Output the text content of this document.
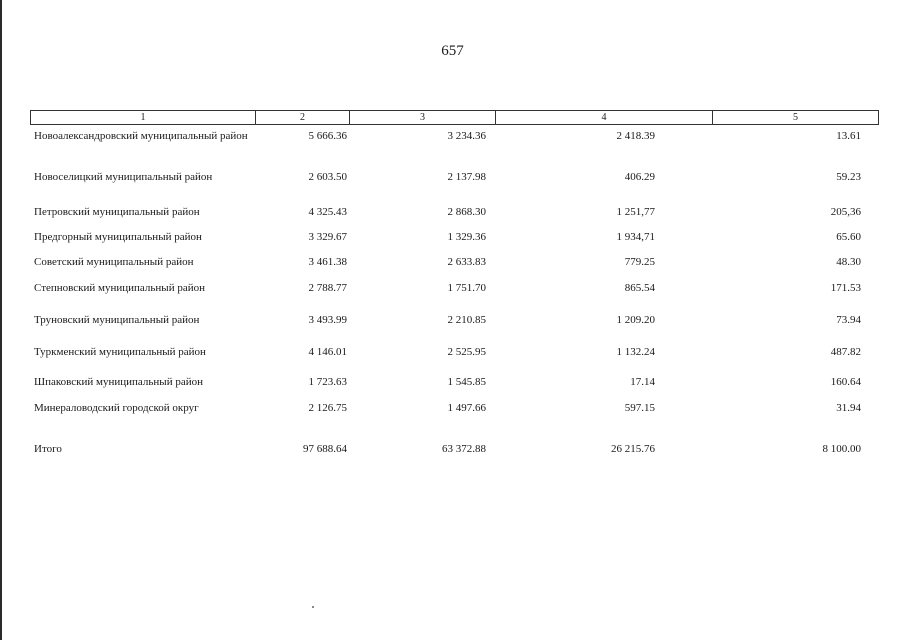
657
1	2	3	4	5
Новоалександровский муниципальный район	5 666.36	3 234.36	2 418.39	13.61
Новоселицкий муниципальный район	2 603.50	2 137.98	406.29	59.23
Петровский муниципальный район	4 325.43	2 868.30	1 251,77	205,36
Предгорный муниципальный район	3 329.67	1 329.36	1 934,71	65.60
Советский муниципальный район	3 461.38	2 633.83	779.25	48.30
Степновский муниципальный район	2 788.77	1 751.70	865.54	171.53
Труновский муниципальный район	3 493.99	2 210.85	1 209.20	73.94
Туркменский муниципальный район	4 146.01	2 525.95	1 132.24	487.82
Шпаковский муниципальный район	1 723.63	1 545.85	17.14	160.64
Минераловодский городской округ	2 126.75	1 497.66	597.15	31.94
Итого	97 688.64	63 372.88	26 215.76	8 100.00
